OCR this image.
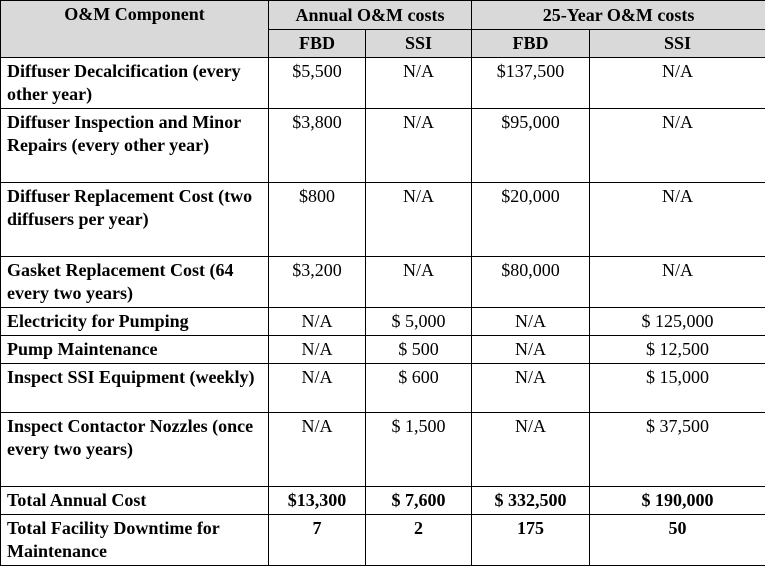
O&M Component	Annual O&M costs		25-Year O&M costs	
	FBD	SSI	FBD	SSI
Diffuser Decalcification (every other year)	$5,500	N/A	$137,500	N/A
Diffuser Inspection and Minor Repairs (every other year)	$3,800	N/A	$95,000	N/A
Diffuser Replacement Cost (two diffusers per year)	$800	N/A	$20,000	N/A
Gasket Replacement Cost (64 every two years)	$3,200	N/A	$80,000	N/A
Electricity for Pumping	N/A	$ 5,000	N/A	$ 125,000
Pump Maintenance	N/A	$ 500	N/A	$ 12,500
Inspect SSI Equipment (weekly)	N/A	$ 600	N/A	$ 15,000
Inspect Contactor Nozzles (once every two years)	N/A	$ 1,500	N/A	$ 37,500
Total Annual Cost	$13,300	$ 7,600	$ 332,500	$ 190,000
Total Facility Downtime for Maintenance	7	2	175	50
